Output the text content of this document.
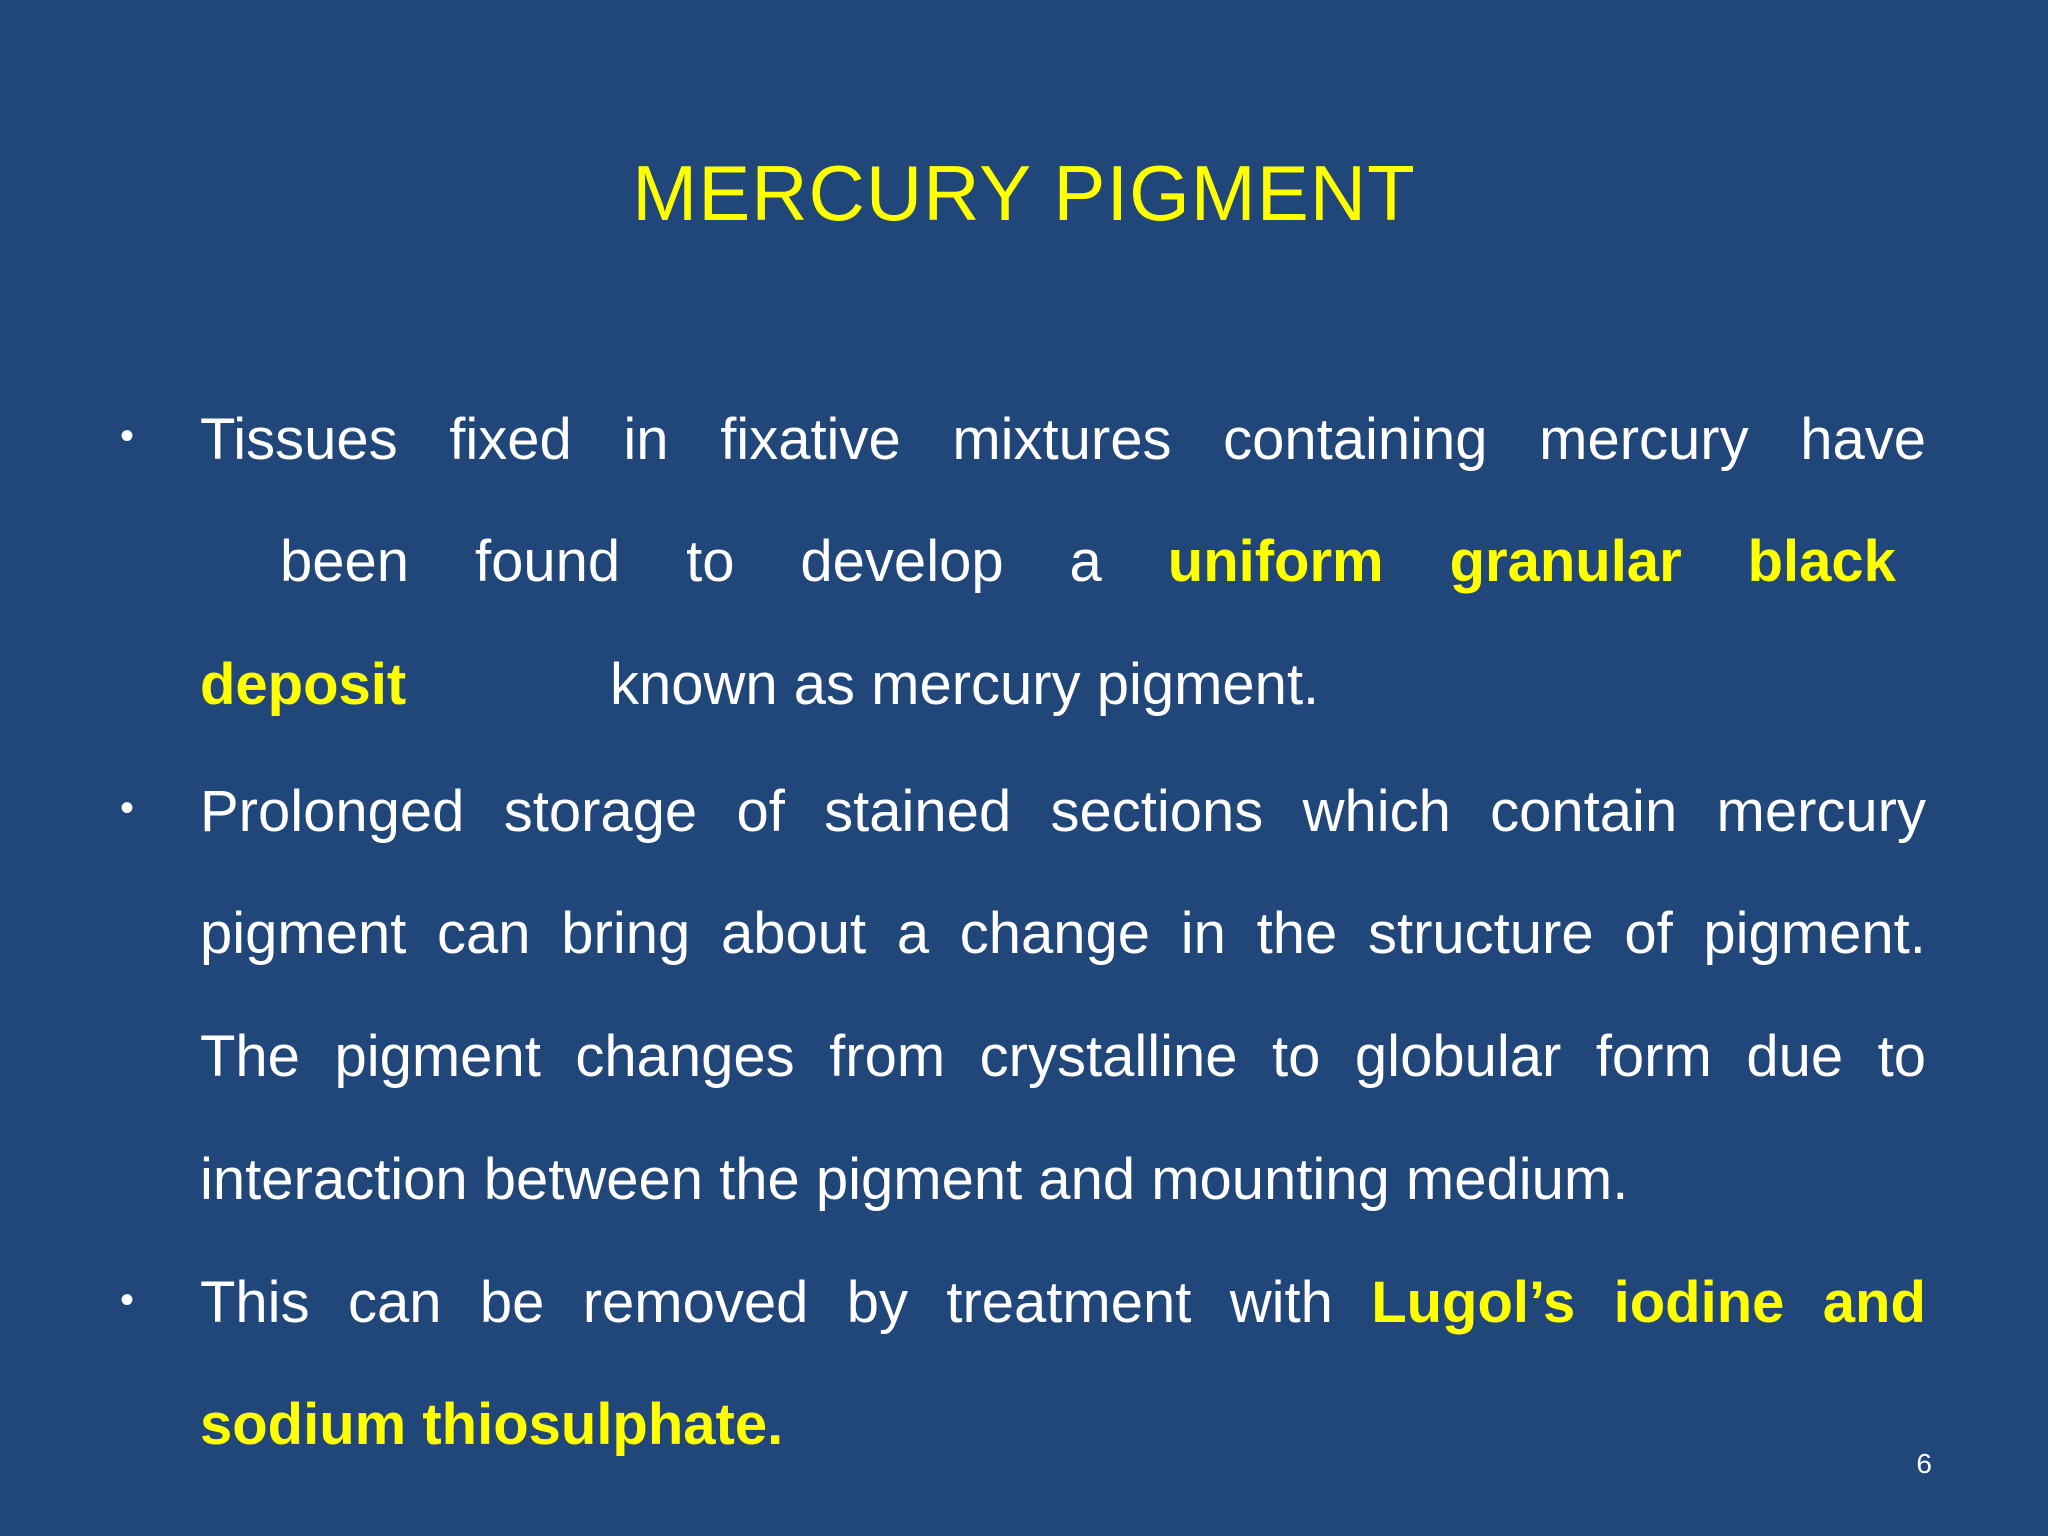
MERCURY PIGMENT
• Tissues fixed in fixative mixtures containing mercury have
been found to develop a uniform granular black
deposit	known as mercury pigment.
• Prolonged storage of stained sections which contain mercury
pigment can bring about a change in the structure of pigment.
The pigment changes from crystalline to globular form due to
interaction between the pigment and mounting medium.
• This can be removed by treatment with Lugol’s iodine and
sodium thiosulphate.
6
